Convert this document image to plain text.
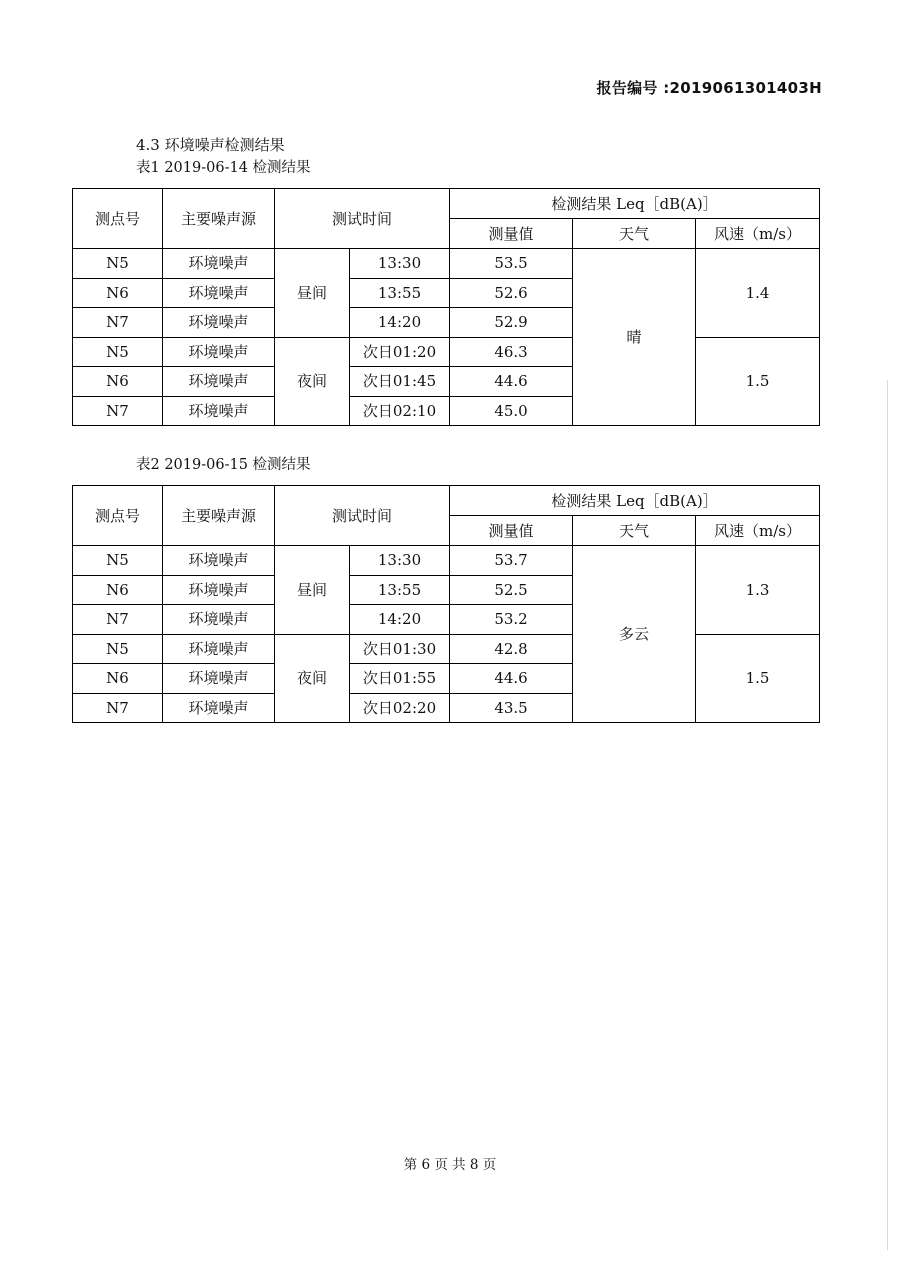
报告编号 :2019061301403H
4.3 环境噪声检测结果
表1 2019-06-14 检测结果
测点号	主要噪声源	测试时间		检测结果 Leq［dB(A)］		
				测量值	天气	风速（m/s）
N5	环境噪声	昼间	13:30	53.5	晴	1.4
N6	环境噪声		13:55	52.6		
N7	环境噪声		14:20	52.9		
N5	环境噪声	夜间	次日01:20	46.3		1.5
N6	环境噪声		次日01:45	44.6		
N7	环境噪声		次日02:10	45.0		
表2 2019-06-15 检测结果
测点号	主要噪声源	测试时间		检测结果 Leq［dB(A)］		
				测量值	天气	风速（m/s）
N5	环境噪声	昼间	13:30	53.7	多云	1.3
N6	环境噪声		13:55	52.5		
N7	环境噪声		14:20	53.2		
N5	环境噪声	夜间	次日01:30	42.8		1.5
N6	环境噪声		次日01:55	44.6		
N7	环境噪声		次日02:20	43.5		
第 6 页 共 8 页
